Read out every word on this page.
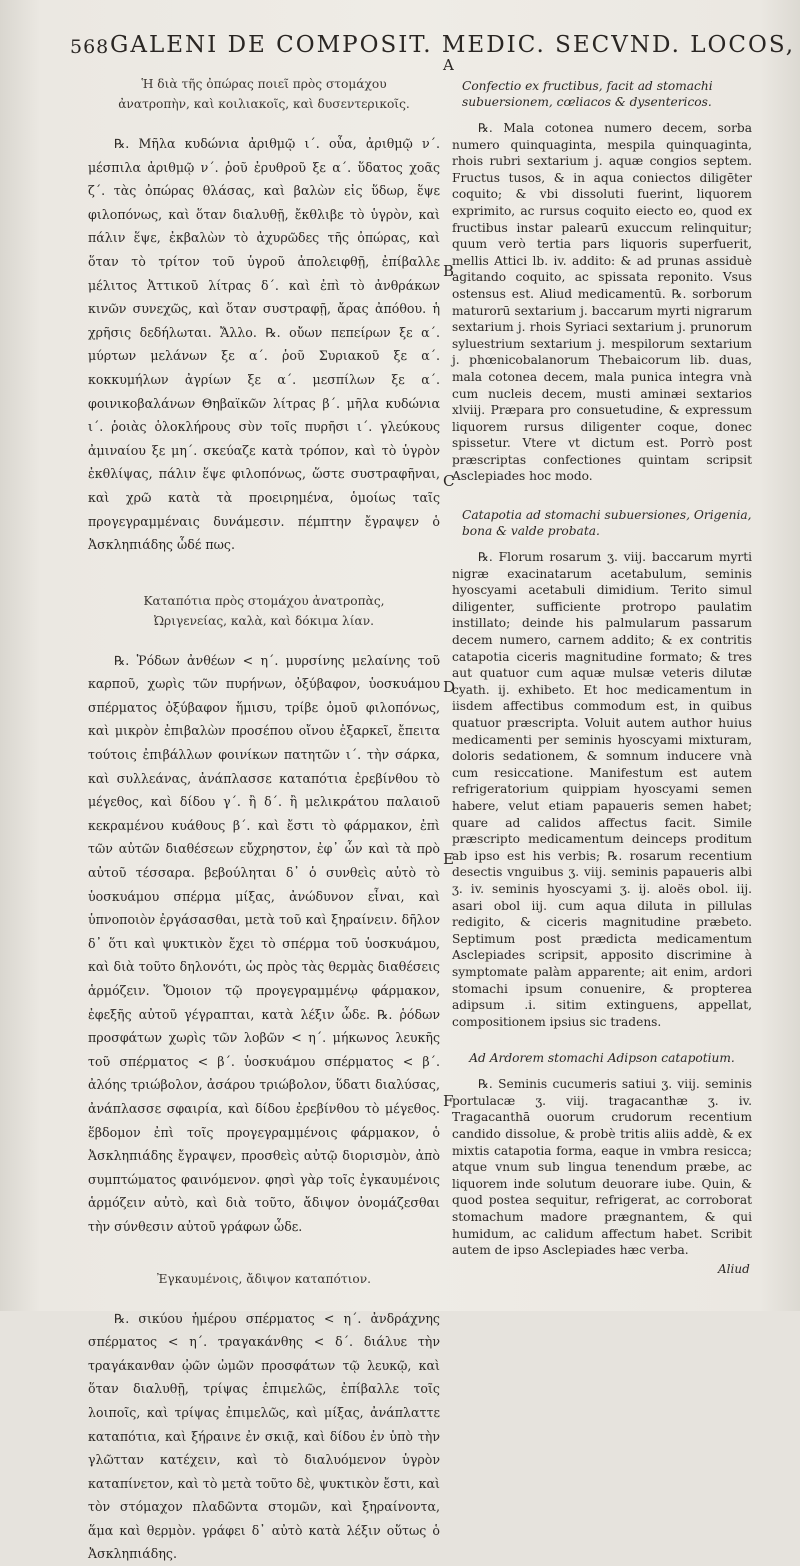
568 GALENI DE COMPOSIT. MEDIC. SECVND. LOCOS,
A
B
C
D
E
F

Ἡ διὰ τῆς ὀπώρας ποιεῖ πρὸς στομάχου ἀνατροπὴν, καὶ κοιλιακοῖς, καὶ δυσεντερικοῖς.

℞. Μῆλα κυδώνια ἀριθμῷ ι΄. οὖα, ἀριθμῷ ν΄. μέσπιλα ἀριθμῷ ν΄. ῥοῦ ἐρυθροῦ ξε α΄. ὕδατος χοᾶς ζ΄. τὰς ὀπώρας θλάσας, καὶ βαλὼν εἰς ὕδωρ, ἕψε φιλοπόνως, καὶ ὅταν διαλυθῇ, ἔκθλιβε τὸ ὑγρὸν, καὶ πάλιν ἕψε, ἐκβαλὼν τὸ ἀχυρῶδες τῆς ὀπώρας, καὶ ὅταν τὸ τρίτον τοῦ ὑγροῦ ἀπολειφθῇ, ἐπίβαλλε μέλιτος Ἀττικοῦ λίτρας δ΄. καὶ ἐπὶ τὸ ἀνθράκων κινῶν συνεχῶς, καὶ ὅταν συστραφῇ, ἄρας ἀπόθου. ἡ χρῆσις δεδήλωται. Ἄλλο. ℞. οὔων πεπείρων ξε α΄. μύρτων μελάνων ξε α΄. ῥοῦ Συριακοῦ ξε α΄. κοκκυμήλων ἀγρίων ξε α΄. μεσπίλων ξε α΄. φοινικοβαλάνων Θηβαϊκῶν λίτρας β΄. μῆλα κυδώνια ι΄. ῥοιὰς ὁλοκλήρους σὺν τοῖς πυρῆσι ι΄. γλεύκους ἀμιναίου ξε μη΄. σκεύαζε κατὰ τρόπον, καὶ τὸ ὑγρὸν ἐκθλίψας, πάλιν ἕψε φιλοπόνως, ὥστε συστραφῆναι, καὶ χρῶ κατὰ τὰ προειρημένα, ὁμοίως ταῖς προγεγραμμέναις δυνάμεσιν. πέμπτην ἔγραψεν ὁ Ἀσκληπιάδης ὧδέ πως.

Καταπότια πρὸς στομάχου ἀνατροπὰς, Ὠριγενείας, καλὰ, καὶ δόκιμα λίαν.

℞. Ῥόδων ἀνθέων < η΄. μυρσίνης μελαίνης τοῦ καρποῦ, χωρὶς τῶν πυρήνων, ὀξύβαφον, ὑοσκυάμου σπέρματος ὀξύβαφον ἥμισυ, τρίβε ὁμοῦ φιλοπόνως, καὶ μικρὸν ἐπιβαλὼν προσέπου οἴνου ἐξαρκεῖ, ἔπειτα τούτοις ἐπιβάλλων φοινίκων πατητῶν ι΄. τὴν σάρκα, καὶ συλλεάνας, ἀνάπλασσε καταπότια ἐρεβίνθου τὸ μέγεθος, καὶ δίδου γ΄. ἢ δ΄. ἢ μελικράτου παλαιοῦ κεκραμένου κυάθους β΄. καὶ ἔστι τὸ φάρμακον, ἐπὶ τῶν αὐτῶν διαθέσεων εὔχρηστον, ἐφ᾽ ὧν καὶ τὰ πρὸ αὐτοῦ τέσσαρα. βεβούληται δ᾽ ὁ συνθεὶς αὐτὸ τὸ ὑοσκυάμου σπέρμα μίξας, ἀνώδυνον εἶναι, καὶ ὑπνοποιὸν ἐργάσασθαι, μετὰ τοῦ καὶ ξηραίνειν. δῆλον δ᾽ ὅτι καὶ ψυκτικὸν ἔχει τὸ σπέρμα τοῦ ὑοσκυάμου, καὶ διὰ τοῦτο δηλονότι, ὡς πρὸς τὰς θερμὰς διαθέσεις ἁρμόζειν. Ὅμοιον τῷ προγεγραμμένῳ φάρμακον, ἐφεξῆς αὐτοῦ γέγραπται, κατὰ λέξιν ὧδε. ℞. ῥόδων προσφάτων χωρὶς τῶν λοβῶν < η΄. μήκωνος λευκῆς τοῦ σπέρματος < β΄. ὑοσκυάμου σπέρματος < β΄. ἀλόης τριώβολον, ἀσάρου τριώβολον, ὕδατι διαλύσας, ἀνάπλασσε σφαιρία, καὶ δίδου ἐρεβίνθου τὸ μέγεθος. ἕβδομον ἐπὶ τοῖς προγεγραμμένοις φάρμακον, ὁ Ἀσκληπιάδης ἔγραψεν, προσθεὶς αὐτῷ διορισμὸν, ἀπὸ συμπτώματος φαινόμενον. φησὶ γὰρ τοῖς ἐγκαυμένοις ἁρμόζειν αὐτὸ, καὶ διὰ τοῦτο, ἄδιψον ὀνομάζεσθαι τὴν σύνθεσιν αὐτοῦ γράφων ὧδε.

Ἐγκαυμένοις, ἄδιψον καταπότιον.

℞. σικύου ἡμέρου σπέρματος < η΄. ἀνδράχνης σπέρματος < η΄. τραγακάνθης < δ΄. διάλυε τὴν τραγάκανθαν ᾠῶν ὠμῶν προσφάτων τῷ λευκῷ, καὶ ὅταν διαλυθῇ, τρίψας ἐπιμελῶς, ἐπίβαλλε τοῖς λοιποῖς, καὶ τρίψας ἐπιμελῶς, καὶ μίξας, ἀνάπλαττε καταπότια, καὶ ξήραινε ἐν σκιᾷ, καὶ δίδου ἐν ὑπὸ τὴν γλῶτταν κατέχειν, καὶ τὸ διαλυόμενον ὑγρὸν καταπίνετον, καὶ τὸ μετὰ τοῦτο δὲ, ψυκτικὸν ἔστι, καὶ τὸν στόμαχον πλαδῶντα στομῶν, καὶ ξηραίνοντα, ἅμα καὶ θερμὸν. γράφει δ᾽ αὐτὸ κατὰ λέξιν οὕτως ὁ Ἀσκληπιάδης.

Confectio ex fructibus, facit ad stomachi subuersionem, cœliacos & dysentericos.

℞. Mala cotonea numero decem, sorba numero quinquaginta, mespila quinquaginta, rhois rubri sextarium j. aquæ congios septem. Fructus tusos, & in aqua coniectos diligēter coquito; & vbi dissoluti fuerint, liquorem exprimito, ac rursus coquito eiecto eo, quod ex fructibus instar palearū exuccum relinquitur; quum verò tertia pars liquoris superfuerit, mellis Attici lb. iv. addito: & ad prunas assiduè agitando coquito, ac spissata reponito. Vsus ostensus est. Aliud medicamentū. ℞. sorborum maturorū sextarium j. baccarum myrti nigrarum sextarium j. rhois Syriaci sextarium j. prunorum syluestrium sextarium j. mespilorum sextarium j. phœnicobalanorum Thebaicorum lib. duas, mala cotonea decem, mala punica integra vnà cum nucleis decem, musti aminæi sextarios xlviij. Præpara pro consuetudine, & expressum liquorem rursus diligenter coque, donec spissetur. Vtere vt dictum est. Porrò post præscriptas confectiones quintam scripsit Asclepiades hoc modo.

Catapotia ad stomachi subuersiones, Origenia, bona & valde probata.

℞. Florum rosarum ʒ. viij. baccarum myrti nigræ exacinatarum acetabulum, seminis hyoscyami acetabuli dimidium. Terito simul diligenter, sufficiente protropo paulatim instillato; deinde his palmularum passarum decem numero, carnem addito; & ex contritis catapotia ciceris magnitudine formato; & tres aut quatuor cum aquæ mulsæ veteris dilutæ cyath. ij. exhibeto. Et hoc medicamentum in iisdem affectibus commodum est, in quibus quatuor præscripta. Voluit autem author huius medicamenti per seminis hyoscyami mixturam, doloris sedationem, & somnum inducere vnà cum resiccatione. Manifestum est autem refrigeratorium quippiam hyoscyami semen habere, velut etiam papaueris semen habet; quare ad calidos affectus facit. Simile præscripto medicamentum deinceps proditum ab ipso est his verbis; ℞. rosarum recentium desectis vnguibus ʒ. viij. seminis papaueris albi ʒ. iv. seminis hyoscyami ʒ. ij. aloës obol. iij. asari obol iij. cum aqua diluta in pillulas redigito, & ciceris magnitudine præbeto. Septimum post prædicta medicamentum Asclepiades scripsit, apposito discrimine à symptomate palàm apparente; ait enim, ardori stomachi ipsum conuenire, & propterea adipsum .i. sitim extinguens, appellat, compositionem ipsius sic tradens.

Ad Ardorem stomachi Adipson catapotium.

℞. Seminis cucumeris satiui ʒ. viij. seminis portulacæ ʒ. viij. tragacanthæ ʒ. iv. Tragacanthā ouorum crudorum recentium candido dissolue, & probè tritis aliis addè, & ex mixtis catapotia forma, eaque in vmbra resicca; atque vnum sub lingua tenendum præbe, ac liquorem inde solutum deuorare iube. Quin, & quod postea sequitur, refrigerat, ac corroborat stomachum madore prægnantem, & qui humidum, ac calidum affectum habet. Scribit autem de ipso Asclepiades hæc verba.

Aliud
